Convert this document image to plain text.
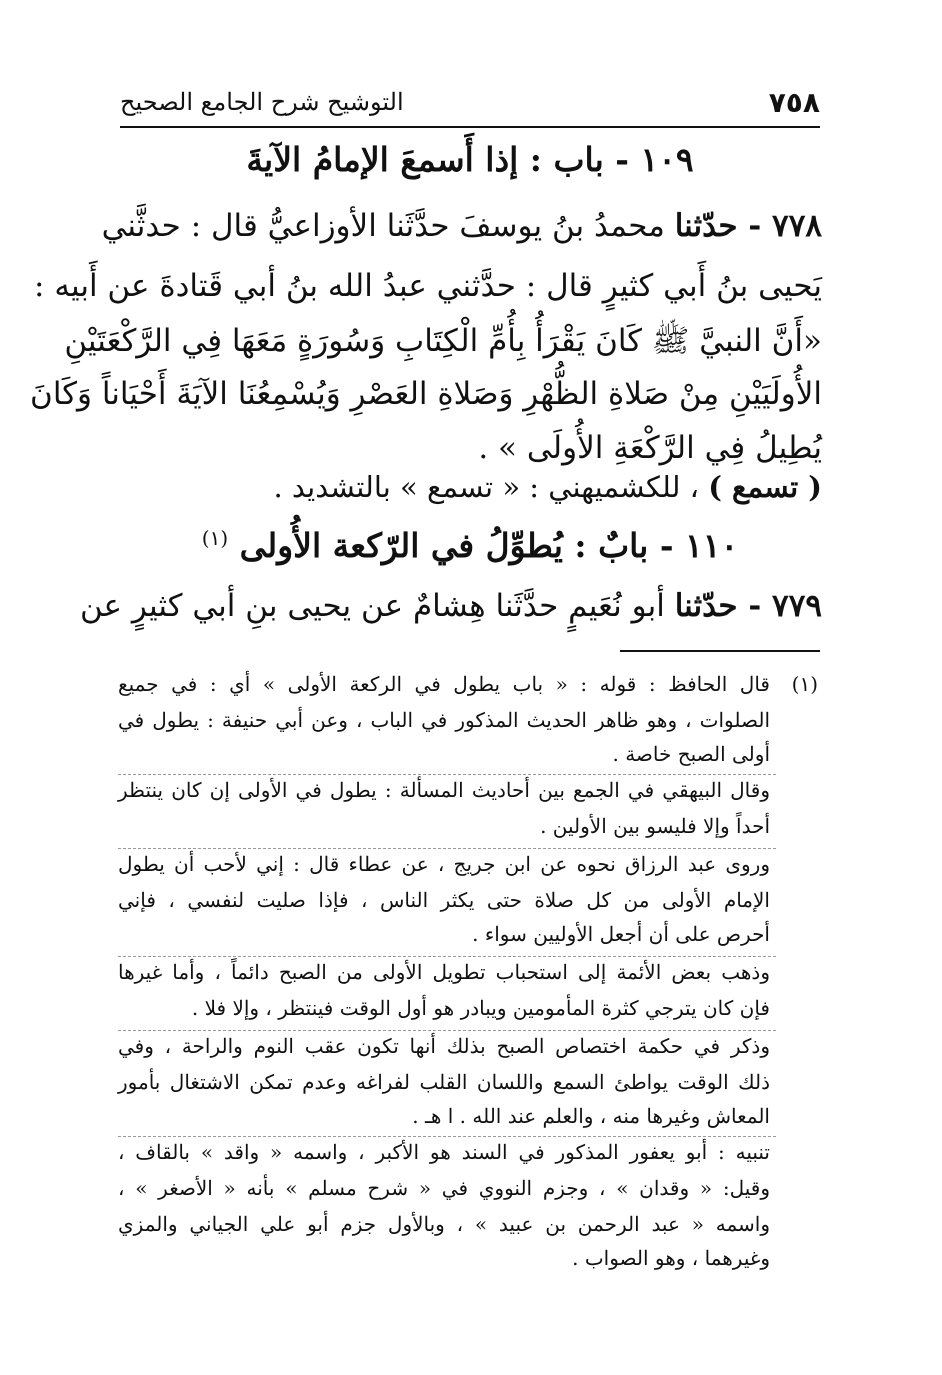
٧٥٨
التوشيح شرح الجامع الصحيح
١٠٩ - باب : إذا أَسمعَ الإمامُ الآيةَ
٧٧٨ - حدّثنا محمدُ بنُ يوسفَ حدَّثَنا الأوزاعيُّ قال : حدثَّني
يَحيى بنُ أَبي كثيرٍ قال : حدَّثني عبدُ الله بنُ أبي قَتادةَ عن أَبيه :
«أَنَّ النبيَّ ﷺ كَانَ يَقْرَأُ بِأُمِّ الْكِتَابِ وَسُورَةٍ مَعَهَا فِي الرَّكْعَتَيْنِ
الأُولَيَيْنِ مِنْ صَلاةِ الظُّهْرِ وَصَلاةِ العَصْرِ وَيُسْمِعُنَا الآيَةَ أَحْيَاناً وَكَانَ
يُطِيلُ فِي الرَّكْعَةِ الأُولَى » .
( تسمع ) ، للكشميهني : « تسمع » بالتشديد .
١١٠ - بابٌ : يُطوِّلُ في الرّكعة الأُولى $^{(١)}$
٧٧٩ - حدّثنا أبو نُعَيمٍ حدَّثَنا هِشامٌ عن يحيى بنِ أبي كثيرٍ عن
(١)
قال الحافظ : قوله : « باب يطول في الركعة الأولى » أي : في جميع
الصلوات ، وهو ظاهر الحديث المذكور في الباب ، وعن أبي حنيفة : يطول في
أولى الصبح خاصة .
وقال البيهقي في الجمع بين أحاديث المسألة : يطول في الأولى إن كان ينتظر
أحداً وإلا فليسو بين الأولين .
وروى عبد الرزاق نحوه عن ابن جريج ، عن عطاء قال : إني لأحب أن يطول
الإمام الأولى من كل صلاة حتى يكثر الناس ، فإذا صليت لنفسي ، فإني
أحرص على أن أجعل الأوليين سواء .
وذهب بعض الأئمة إلى استحباب تطويل الأولى من الصبح دائماً ، وأما غيرها
فإن كان يترجي كثرة المأمومين ويبادر هو أول الوقت فينتظر ، وإلا فلا .
وذكر في حكمة اختصاص الصبح بذلك أنها تكون عقب النوم والراحة ، وفي
ذلك الوقت يواطئ السمع واللسان القلب لفراغه وعدم تمكن الاشتغال بأمور
المعاش وغيرها منه ، والعلم عند الله . ا هـ .
تنبيه : أبو يعفور المذكور في السند هو الأكبر ، واسمه « واقد » بالقاف ،
وقيل: « وقدان » ، وجزم النووي في « شرح مسلم » بأنه « الأصغر » ،
واسمه « عبد الرحمن بن عبيد » ، وبالأول جزم أبو علي الجياني والمزي
وغيرهما ، وهو الصواب .
